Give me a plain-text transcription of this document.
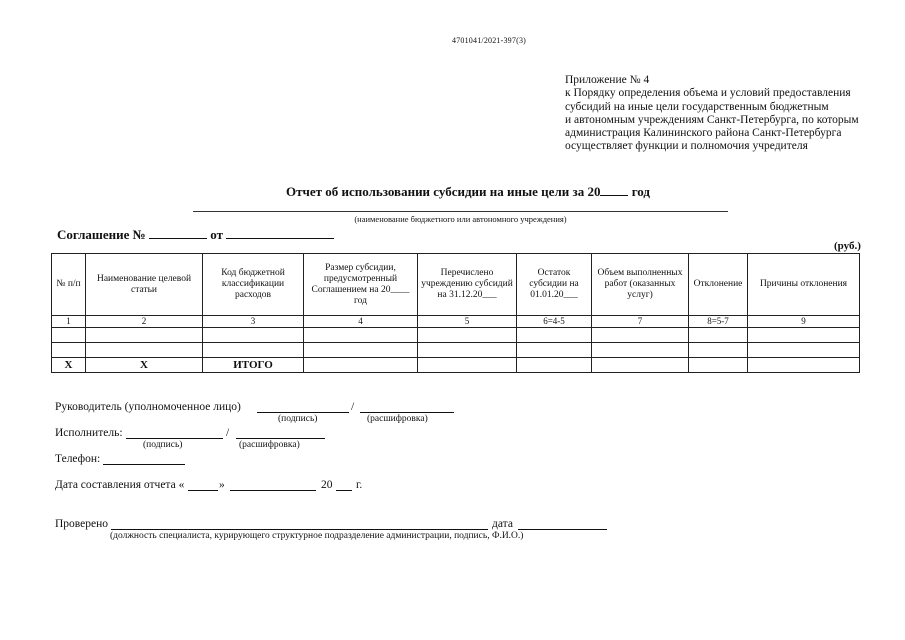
4701041/2021-397(3)
Приложение № 4
к Порядку определения объема и условий предоставления
субсидий на иные цели государственным бюджетным
и автономным учреждениям Санкт-Петербурга, по которым
администрация Калининского района Санкт-Петербурга
осуществляет функции и полномочия учредителя
Отчет об использовании субсидии на иные цели за 20 год
(наименование бюджетного или автономного учреждения)
Соглашение №	от
(руб.)
№ п/п	Наименование целевой статьи	Код бюджетной классификации расходов	Размер субсидии, предусмотренный Соглашением на 20____ год	Перечислено учреждению субсидий на 31.12.20___	Остаток субсидии на 01.01.20___	Объем выполненных работ (оказанных услуг)	Отклонение	Причины отклонения
1	2	3	4	5	6=4-5	7	8=5-7	9

Х	Х	ИТОГО						
Руководитель (уполномоченное лицо)	/
(подпись)	(расшифровка)
Исполнитель:	/
(подпись)	(расшифровка)
Телефон:
Дата составления отчета «	»	20 г.
Проверено	дата
(должность специалиста, курирующего структурное подразделение администрации, подпись, Ф.И.О.)
